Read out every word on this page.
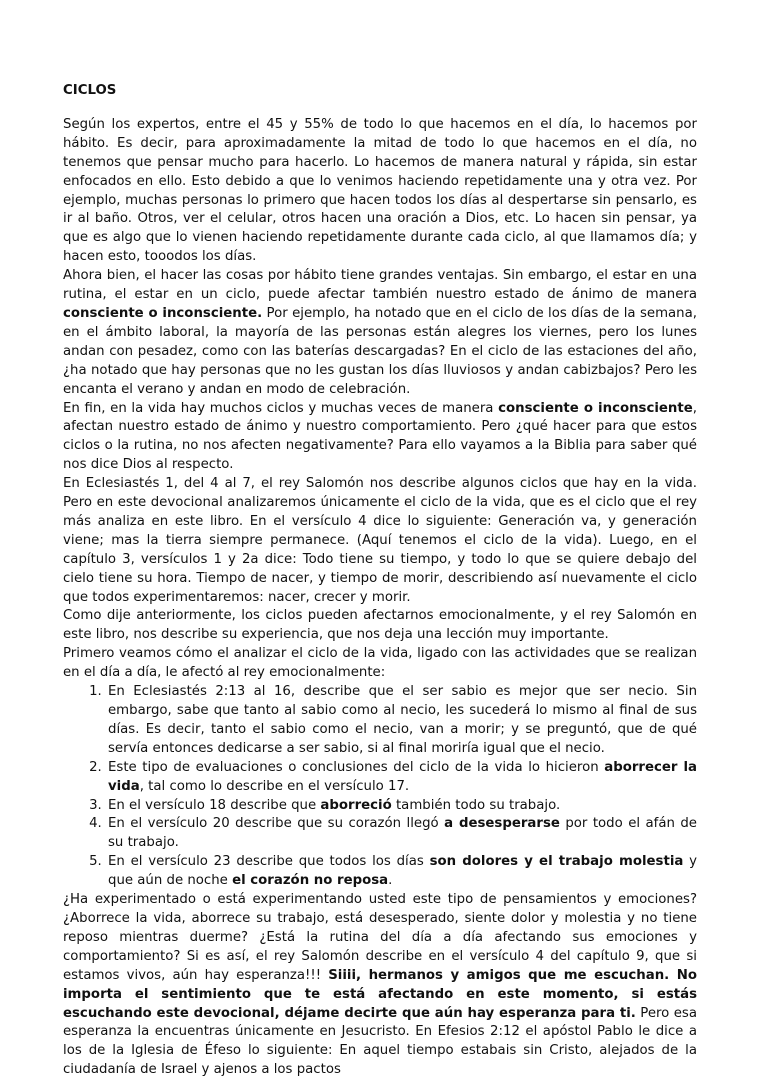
CICLOS

Según los expertos, entre el 45 y 55% de todo lo que hacemos en el día, lo hacemos por hábito. Es decir, para aproximadamente la mitad de todo lo que hacemos en el día, no tenemos que pensar mucho para hacerlo. Lo hacemos de manera natural y rápida, sin estar enfocados en ello. Esto debido a que lo venimos haciendo repetidamente una y otra vez. Por ejemplo, muchas personas lo primero que hacen todos los días al despertarse sin pensarlo, es ir al baño. Otros, ver el celular, otros hacen una oración a Dios, etc. Lo hacen sin pensar, ya que es algo que lo vienen haciendo repetidamente durante cada ciclo, al que llamamos día; y hacen esto, tooodos los días.

Ahora bien, el hacer las cosas por hábito tiene grandes ventajas. Sin embargo, el estar en una rutina, el estar en un ciclo, puede afectar también nuestro estado de ánimo de manera consciente o inconsciente. Por ejemplo, ha notado que en el ciclo de los días de la semana, en el ámbito laboral, la mayoría de las personas están alegres los viernes, pero los lunes andan con pesadez, como con las baterías descargadas? En el ciclo de las estaciones del año, ¿ha notado que hay personas que no les gustan los días lluviosos y andan cabizbajos? Pero les encanta el verano y andan en modo de celebración.

En fin, en la vida hay muchos ciclos y muchas veces de manera consciente o inconsciente, afectan nuestro estado de ánimo y nuestro comportamiento. Pero ¿qué hacer para que estos ciclos o la rutina, no nos afecten negativamente? Para ello vayamos a la Biblia para saber qué nos dice Dios al respecto.

En Eclesiastés 1, del 4 al 7, el rey Salomón nos describe algunos ciclos que hay en la vida. Pero en este devocional analizaremos únicamente el ciclo de la vida, que es el ciclo que el rey más analiza en este libro. En el versículo 4 dice lo siguiente: Generación va, y generación viene; mas la tierra siempre permanece. (Aquí tenemos el ciclo de la vida). Luego, en el capítulo 3, versículos 1 y 2a dice: Todo tiene su tiempo, y todo lo que se quiere debajo del cielo tiene su hora. Tiempo de nacer, y tiempo de morir, describiendo así nuevamente el ciclo que todos experimentaremos: nacer, crecer y morir.

Como dije anteriormente, los ciclos pueden afectarnos emocionalmente, y el rey Salomón en este libro, nos describe su experiencia, que nos deja una lección muy importante.

Primero veamos cómo el analizar el ciclo de la vida, ligado con las actividades que se realizan en el día a día, le afectó al rey emocionalmente:

1. En Eclesiastés 2:13 al 16, describe que el ser sabio es mejor que ser necio. Sin embargo, sabe que tanto al sabio como al necio, les sucederá lo mismo al final de sus días. Es decir, tanto el sabio como el necio, van a morir; y se preguntó, que de qué servía entonces dedicarse a ser sabio, si al final moriría igual que el necio.
2. Este tipo de evaluaciones o conclusiones del ciclo de la vida lo hicieron aborrecer la vida, tal como lo describe en el versículo 17.
3. En el versículo 18 describe que aborreció también todo su trabajo.
4. En el versículo 20 describe que su corazón llegó a desesperarse por todo el afán de su trabajo.
5. En el versículo 23 describe que todos los días son dolores y el trabajo molestia y que aún de noche el corazón no reposa.

¿Ha experimentado o está experimentando usted este tipo de pensamientos y emociones? ¿Aborrece la vida, aborrece su trabajo, está desesperado, siente dolor y molestia y no tiene reposo mientras duerme? ¿Está la rutina del día a día afectando sus emociones y comportamiento? Si es así, el rey Salomón describe en el versículo 4 del capítulo 9, que si estamos vivos, aún hay esperanza!!! Siiii, hermanos y amigos que me escuchan. No importa el sentimiento que te está afectando en este momento, si estás escuchando este devocional, déjame decirte que aún hay esperanza para ti. Pero esa esperanza la encuentras únicamente en Jesucristo. En Efesios 2:12 el apóstol Pablo le dice a los de la Iglesia de Éfeso lo siguiente: En aquel tiempo estabais sin Cristo, alejados de la ciudadanía de Israel y ajenos a los pactos
